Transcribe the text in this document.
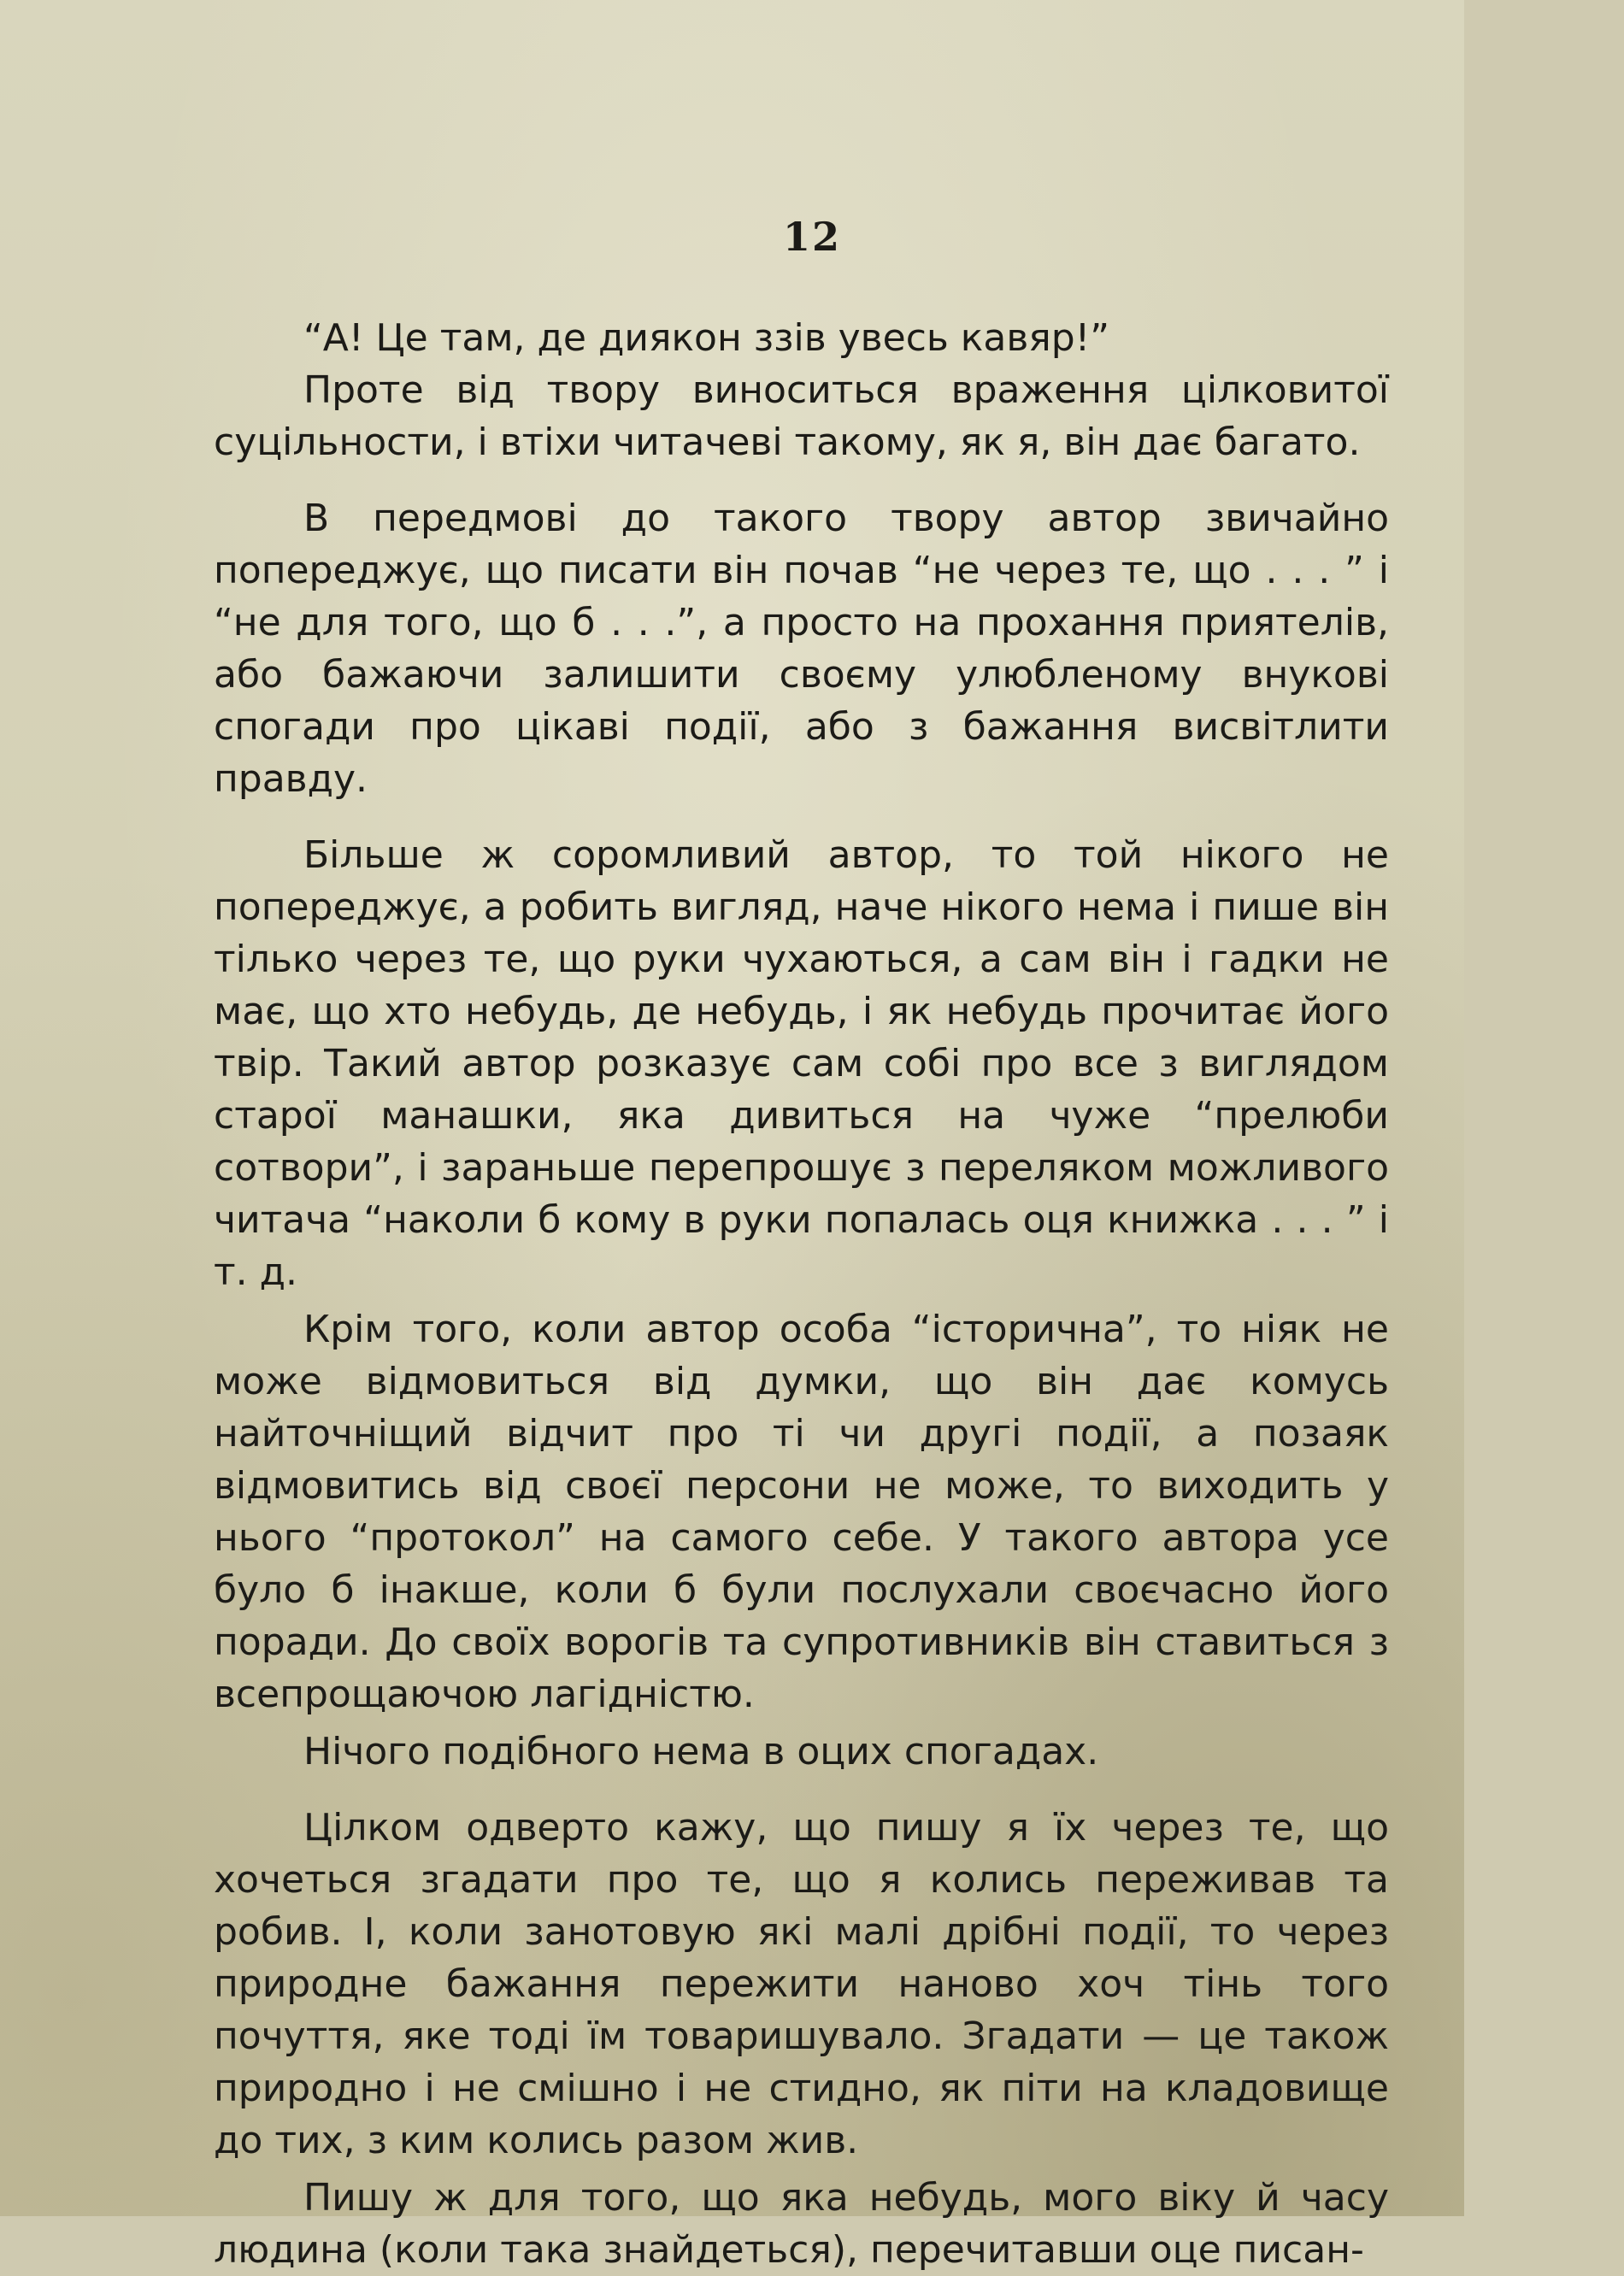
12

“А! Це там, де диякон ззів увесь кавяр!”

Проте від твору виноситься враження цілковитої суцільности, і втіхи читачеві такому, як я, він дає багато.

В передмові до такого твору автор звичайно попереджує, що писати він почав “не через те, що . . . ” і “не для того, що б . . .”, а просто на прохання приятелів, або бажаючи залишити своєму улюбленому внукові спогади про цікаві події, або з бажання висвітлити правду.

Більше ж соромливий автор, то той нікого не попереджує, а робить вигляд, наче нікого нема і пише він тілько через те, що руки чухаються, а сам він і гадки не має, що хто небудь, де небудь, і як небудь прочитає його твір. Такий автор розказує сам собі про все з виглядом старої манашки, яка дивиться на чуже “прелюби сотвори”, і зараньше перепрошує з переляком можливого читача “наколи б кому в руки попалась оця книжка . . . ” і т. д.

Крім того, коли автор особа “історична”, то ніяк не може відмовиться від думки, що він дає комусь найточніщий відчит про ті чи другі події, а позаяк відмовитись від своєї персони не може, то виходить у нього “протокол” на самого себе. У такого автора усе було б інакше, коли б були послухали своєчасно його поради. До своїх ворогів та супротивників він ставиться з всепрощаючою лагідністю.

Нічого подібного нема в оцих спогадах.

Цілком одверто кажу, що пишу я їх через те, що хочеться згадати про те, що я колись переживав та робив. І, коли занотовую які малі дрібні події, то через природне бажання пережити наново хоч тінь того почуття, яке тоді їм товаришувало. Згадати — це також природно і не смішно і не стидно, як піти на кладовище до тих, з ким колись разом жив.

Пишу ж для того, що яка небудь, мого віку й часу людина (коли така знайдеться), перечитавши оце писан-
